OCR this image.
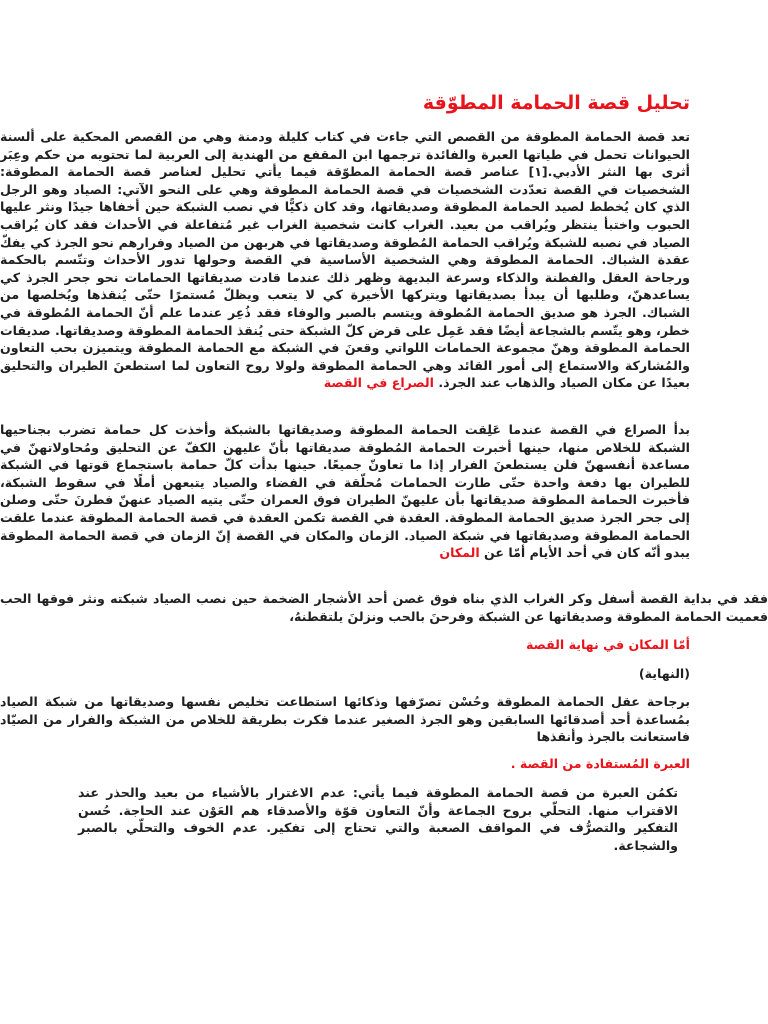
تحليل قصة الحمامة المطوّقة

تعد قصة الحمامة المطوقة من القصص التي جاءت في كتاب كليلة ودمنة وهي من القصص المحكية على ألسنة الحيوانات تحمل في طياتها العبرة والفائدة ترجمها ابن المقفع من الهندية إلى العربية لما تحتويه من حكم وعِبَر أثرى بها النثر الأدبي.[١] عناصر قصة الحمامة المطوّقة فيما يأتي تحليل لعناصر قصة الحمامة المطوقة: الشخصيات في القصة تعدّدت الشخصيات في قصة الحمامة المطوقة وهي على النحو الآتي: الصياد وهو الرجل الذي كان يُخطط لصيد الحمامة المطوقة وصديقاتها، وقد كان ذكيًّا في نصب الشبكة حين أخفاها جيدًا ونثر عليها الحبوب واختبأ ينتظر ويُراقب من بعيد. الغراب كانت شخصية الغراب غير مُتفاعلة في الأحداث فقد كان يُراقب الصياد في نصبه للشبكة ويُراقب الحمامة المُطوقة وصديقاتها في هربهن من الصياد وفرارهم نحو الجرذ كي يفكّ عقدة الشباك. الحمامة المطوقة وهي الشخصية الأساسية في القصة وحولها تدور الأحداث وتتّسم بالحكمة ورجاحة العقل والفطنة والذكاء وسرعة البديهة وظهر ذلك عندما قادت صديقاتها الحمامات نحو جحر الجرذ كي يساعدهنّ، وطلبها أن يبدأ بصديقاتها ويتركها الأخيرة كي لا يتعب ويظلّ مُستمرًا حتّى يُنقذها ويُخلصها من الشباك. الجرذ هو صديق الحمامة المُطوقة ويتسم بالصبر والوفاء فقد ذُعِر عندما علم أنّ الحمامة المُطوقة في خطر، وهو يتّسم بالشجاعة أيضًا فقد عَمِل على قرض كلّ الشبكة حتى يُنقذ الحمامة المطوقة وصديقاتها. صديقات الحمامة المطوقة وهنّ مجموعة الحمامات اللواتي وقعنَ في الشبكة مع الحمامة المطوقة ويتميزن بحب التعاون والمُشاركة والاستماع إلى أمور القائد وهي الحمامة المطوقة ولولا روح التعاون لما استطعنَ الطيران والتحليق بعيدًا عن مكان الصياد والذهاب عند الجرذ. الصراع في القصة

بدأ الصراع في القصة عندما عَلِقت الحمامة المطوقة وصديقاتها بالشبكة وأخذت كل حمامة تضرب بجناحيها الشبكة للخلاص منها، حينها أخبرت الحمامة المُطوقة صديقاتها بأنّ عليهن الكفّ عن التحليق ومُحاولاتهنّ في مساعدة أنفسهنّ فلن يستطعنَ الفرار إذا ما تعاونّ جميعًا. حينها بدأت كلّ حمامة باستجماع قوتها في الشبكة للطيران بها دفعة واحدة حتّى طارت الحمامات مُحلّقة في الفضاء والصياد يتبعهن أملًا في سقوط الشبكة، فأخبرت الحمامة المطوقة صديقاتها بأن عليهنّ الطيران فوق العمران حتّى يتيه الصياد عنهنّ فطرنَ حتّى وصلن إلى جحر الجرذ صديق الحمامة المطوقة. العقدة في القصة تكمن العقدة في قصة الحمامة المطوقة عندما علقت الحمامة المطوقة وصديقاتها في شبكة الصياد. الزمان والمكان في القصة إنّ الزمان في قصة الحمامة المطوقة يبدو أنّه كان في أحد الأيام أمّا عن المكان

فقد في بداية القصة أسفل وكر الغراب الذي بناه فوق غصن أحد الأشجار الضخمة حين نصب الصياد شبكته ونثر فوقها الحب فعميت الحمامة المطوقة وصديقاتها عن الشبكة وفرحنَ بالحب ونزلنَ يلتقطنهُ،

أمّا المكان في نهاية القصة

(النهاية)

برجاحة عقل الحمامة المطوقة وحُسْن تصرّفها وذكائها استطاعت تخليص نفسها وصديقاتها من شبكة الصياد بمُساعدة أحد أصدقائها السابقين وهو الجرذ الصغير عندما فكرت بطريقة للخلاص من الشبكة والفرار من الصيّاد فاستعانت بالجرذ وأنقذها

العبرة المُستفادة من القصة .

تكمُن العبرة من قصة الحمامة المطوقة فيما يأتي: عدم الاغترار بالأشياء من بعيد والحذر عند الاقتراب منها. التحلّي بروح الجماعة وأنّ التعاون قوّة والأصدقاء هم العَوْن عند الحاجة. حُسن التفكير والتصرُّف في المواقف الصعبة والتي تحتاج إلى تفكير. عدم الخوف والتحلّي بالصبر والشجاعة.
